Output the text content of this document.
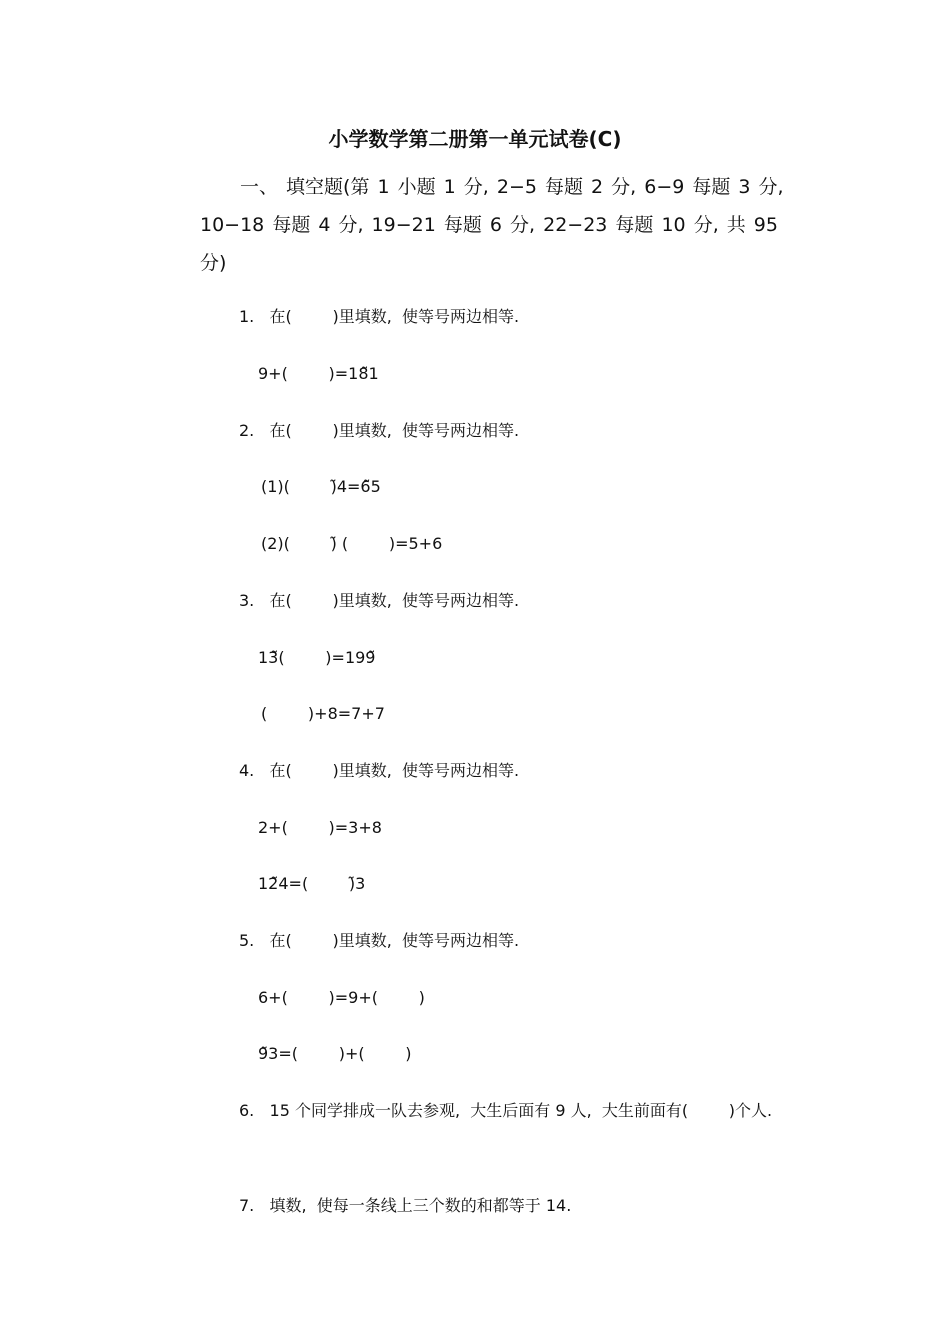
小学数学第二册第一单元试卷(C)
一、 填空题(第 1 小题 1 分, 2−5 每题 2 分, 6−9 每题 3 分, 10−18 每题 4 分, 19−21 每题 6 分, 22−23 每题 10 分, 共 95 分)
1.   在(        )里填数,  使等号两边相等.
9+(        )=18̃1
2.   在(        )里填数,  使等号两边相等.
(1)(        )̃4=6̃5
(2)(        )̃ (        )=5+6
3.   在(        )里填数,  使等号两边相等.
13̃(        )=199̃
(        )+8=7+7
4.   在(        )里填数,  使等号两边相等.
2+(        )=3+8
12̃4=(        )̃3
5.   在(        )里填数,  使等号两边相等.
6+(        )=9+(        )
9̃3=(        )+(        )
6.   15 个同学排成一队去参观,  大生后面有 9 人,  大生前面有(        )个人.
7.   填数,  使每一条线上三个数的和都等于 14.
